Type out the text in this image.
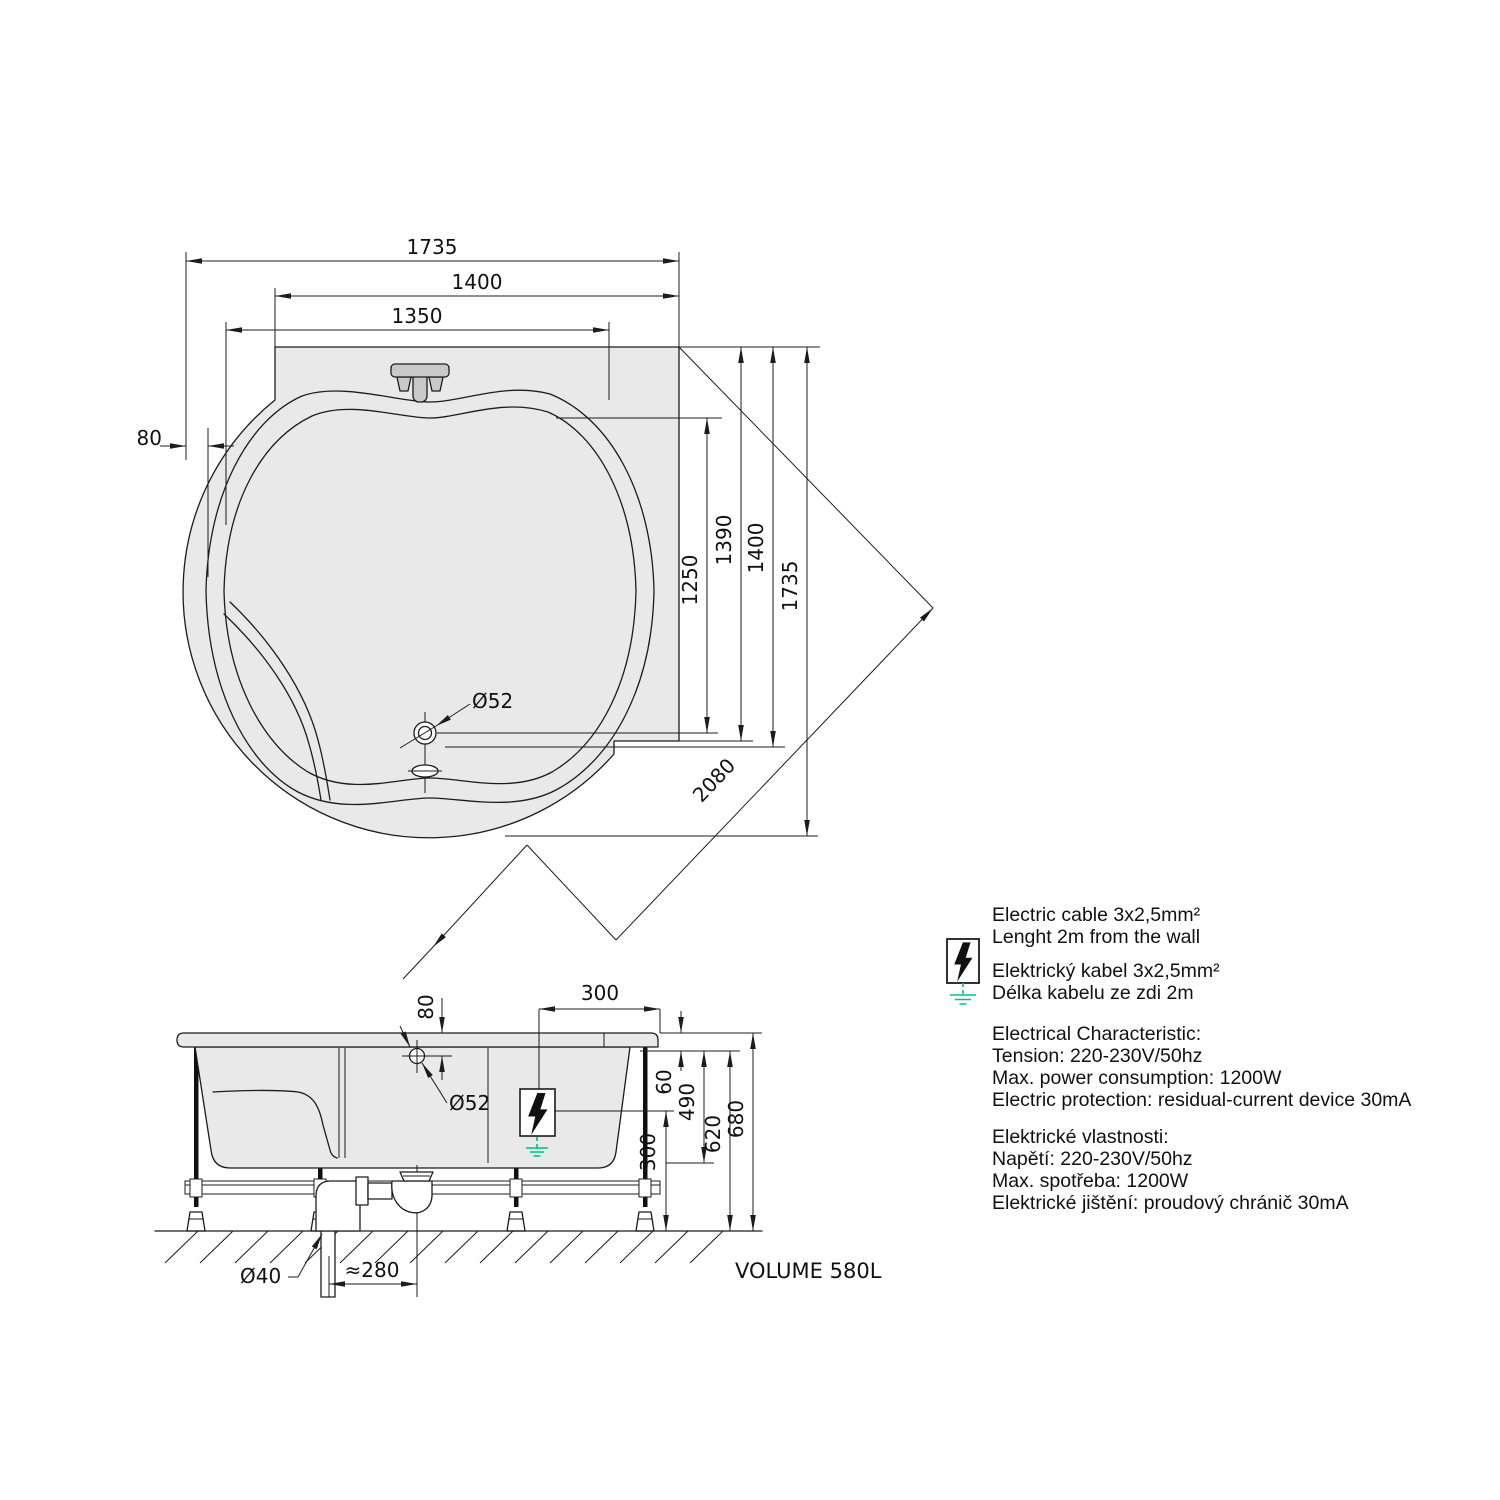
Ø52
1735
1400
1350
80
1250
1390 1400
1735
2080
Ø52
80
300
60
490
620 680
300
≈280
Ø40
Electric cable 3x2,5mm²
Lenght 2m from the wall
Elektrický kabel 3x2,5mm²
Délka kabelu ze zdi 2m
Electrical Characteristic:
Tension: 220-230V/50hz
Max. power consumption: 1200W
Electric protection: residual-current device 30mA
Elektrické vlastnosti:
Napětí: 220-230V/50hz
Max. spotřeba: 1200W
Elektrické jištění: proudový chránič 30mA
VOLUME 580L
